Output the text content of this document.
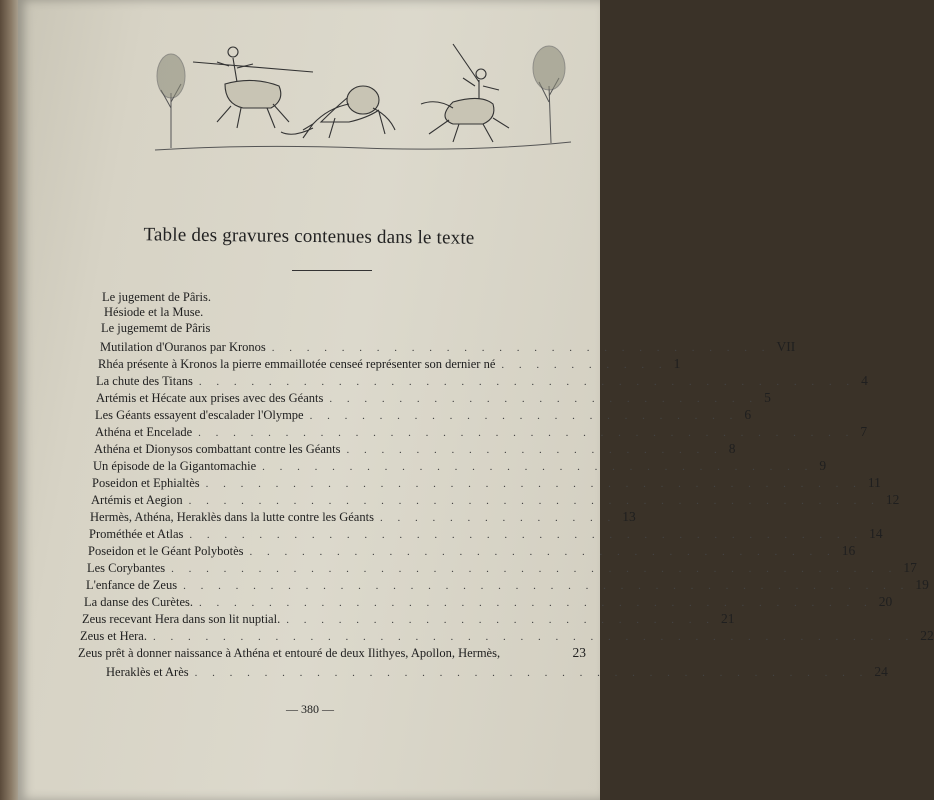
Table des gravures contenues dans le texte
Le jugement de Pâris.
Hésiode et la Muse.
Le jugememt de Pâris
Mutilation d'Ouranos par Kronos . . . . . . . . . . . . . . . . . . . . . . . . . . . . . VII
Rhéa présente à Kronos la pierre emmaillotée censeé représenter son dernier né . . . . . . . . . . 1
La chute des Titans . . . . . . . . . . . . . . . . . . . . . . . . . . . . . . . . . . . . . . 4
Artémis et Hécate aux prises avec des Géants . . . . . . . . . . . . . . . . . . . . . . . . . 5
Les Géants essayent d'escalader l'Olympe . . . . . . . . . . . . . . . . . . . . . . . . . 6
Athéna et Encelade . . . . . . . . . . . . . . . . . . . . . . . . . . . . . . . . . . . . . . 7
Athéna et Dionysos combattant contre les Géants . . . . . . . . . . . . . . . . . . . . . . 8
Un épisode de la Gigantomachie . . . . . . . . . . . . . . . . . . . . . . . . . . . . . . . . 9
Poseidon et Ephialtès . . . . . . . . . . . . . . . . . . . . . . . . . . . . . . . . . . . . . . 11
Artémis et Aegion . . . . . . . . . . . . . . . . . . . . . . . . . . . . . . . . . . . . . . . . 12
Hermès, Athéna, Heraklès dans la lutte contre les Géants . . . . . . . . . . . . . . 13
Prométhée et Atlas . . . . . . . . . . . . . . . . . . . . . . . . . . . . . . . . . . . . . . . 14
Poseidon et le Géant Polybotès . . . . . . . . . . . . . . . . . . . . . . . . . . . . . . . . . . 16
Les Corybantes . . . . . . . . . . . . . . . . . . . . . . . . . . . . . . . . . . . . . . . . . . 17
L'enfance de Zeus . . . . . . . . . . . . . . . . . . . . . . . . . . . . . . . . . . . . . . . . . . 19
La danse des Curètes. . . . . . . . . . . . . . . . . . . . . . . . . . . . . . . . . . . . . . . . 20
Zeus recevant Hera dans son lit nuptial. . . . . . . . . . . . . . . . . . . . . . . . . . 21
Zeus et Hera. . . . . . . . . . . . . . . . . . . . . . . . . . . . . . . . . . . . . . . . . . . . . 22
Zeus prêt à donner naissance à Athéna et entouré de deux Ilithyes, Apollon, Hermès,	23
Heraklès et Arès . . . . . . . . . . . . . . . . . . . . . . . . . . . . . . . . . . . . . . . 24
— 380 —
